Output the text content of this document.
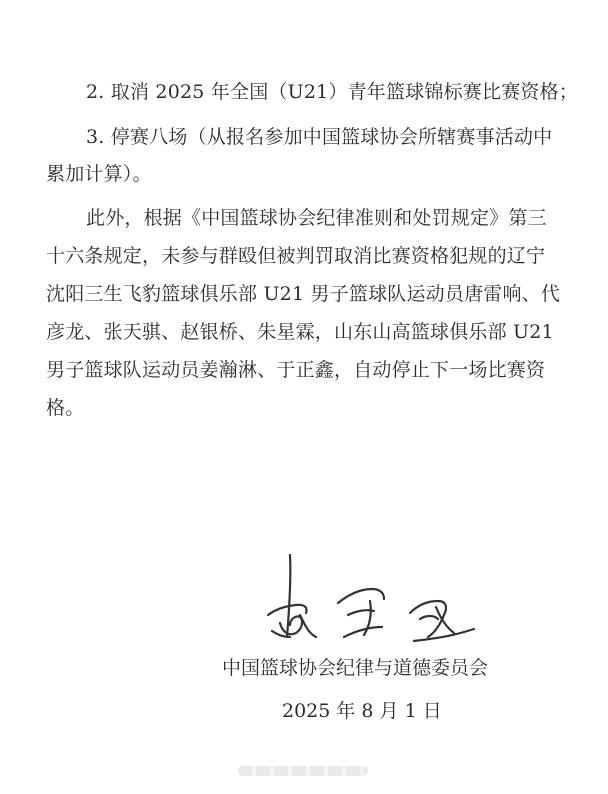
2. 取消 2025 年全国（U21）青年篮球锦标赛比赛资格；
3. 停赛八场（从报名参加中国篮球协会所辖赛事活动中
累加计算）。
此外，根据《中国篮球协会纪律准则和处罚规定》第三
十六条规定，未参与群殴但被判罚取消比赛资格犯规的辽宁
沈阳三生飞豹篮球俱乐部 U21 男子篮球队运动员唐雷响、代
彦龙、张天骐、赵银桥、朱星霖，山东山高篮球俱乐部 U21
男子篮球队运动员姜瀚淋、于正鑫，自动停止下一场比赛资
格。
中国篮球协会纪律与道德委员会
2025 年 8 月 1 日
